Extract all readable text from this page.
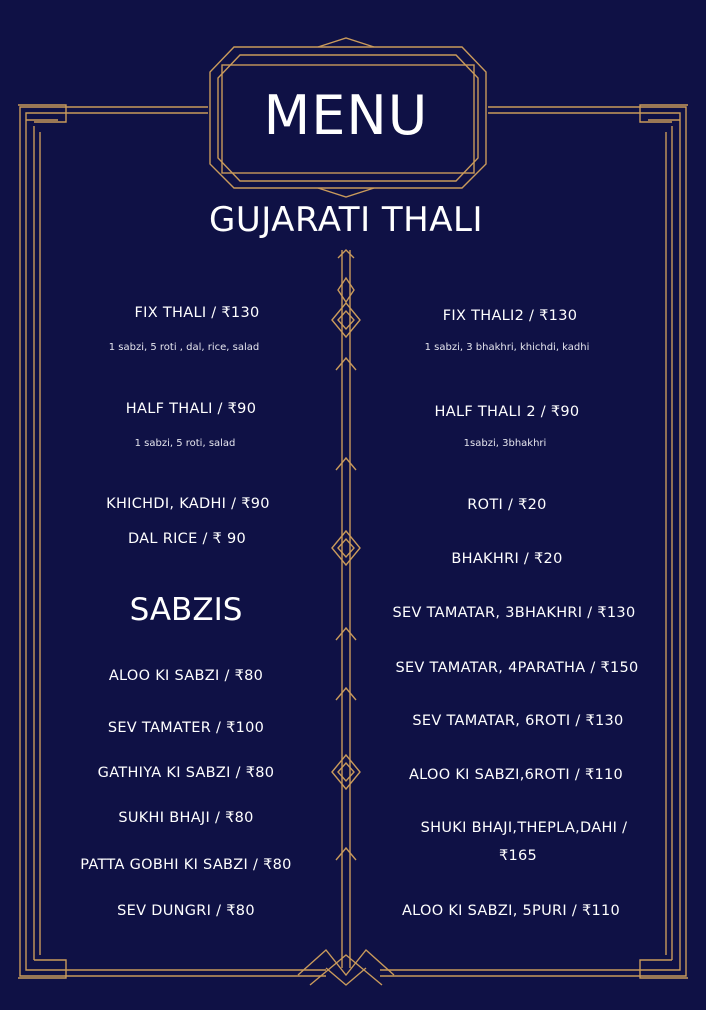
MENU
GUJARATI THALI
FIX THALI / ₹130
1 sabzi, 5 roti , dal, rice, salad
HALF THALI / ₹90
1 sabzi, 5 roti, salad
KHICHDI, KADHI / ₹90
DAL RICE / ₹ 90
SABZIS
ALOO KI SABZI / ₹80
SEV TAMATER / ₹100
GATHIYA KI SABZI / ₹80
SUKHI BHAJI / ₹80
PATTA GOBHI KI SABZI / ₹80
SEV DUNGRI / ₹80
FIX THALI2 / ₹130
1 sabzi, 3 bhakhri, khichdi, kadhi
HALF THALI 2 / ₹90
1sabzi, 3bhakhri
ROTI / ₹20
BHAKHRI / ₹20
SEV TAMATAR, 3BHAKHRI / ₹130
SEV TAMATAR, 4PARATHA / ₹150
SEV TAMATAR, 6ROTI / ₹130
ALOO KI SABZI,6ROTI / ₹110
SHUKI BHAJI,THEPLA,DAHI /
₹165
ALOO KI SABZI, 5PURI / ₹110
